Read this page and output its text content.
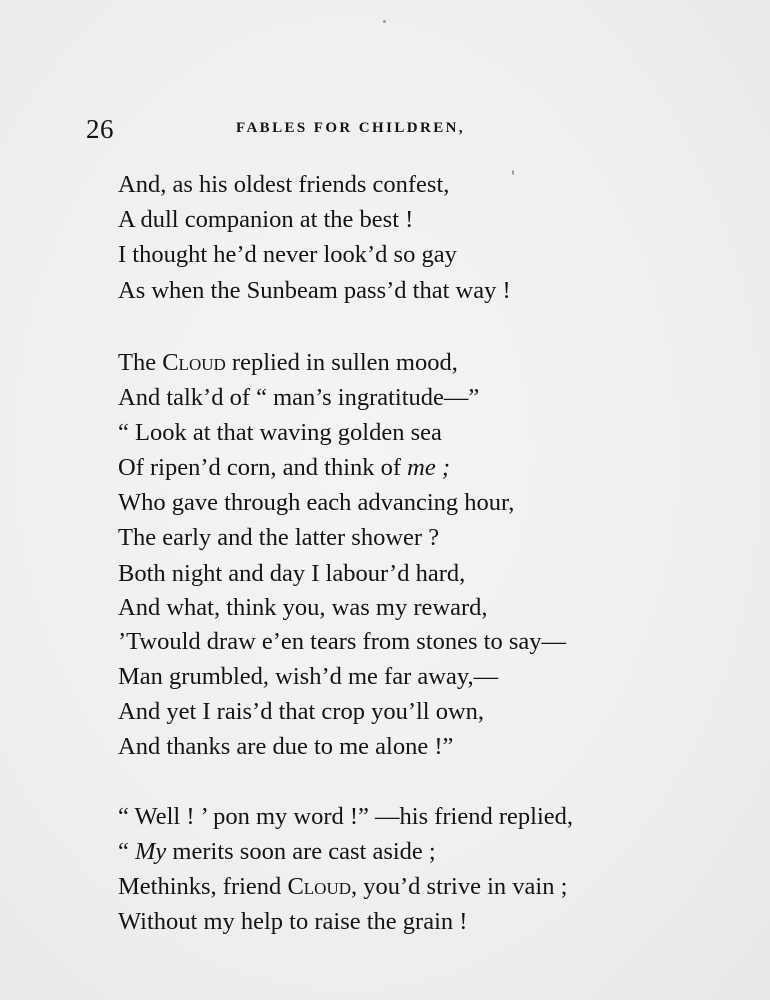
26	FABLES FOR CHILDREN,
And, as his oldest friends confest,
A dull companion at the best !
I thought he’d never look’d so gay
As when the Sunbeam pass’d that way !
The Cloud replied in sullen mood,
And talk’d of “ man’s ingratitude—”
“ Look at that waving golden sea
Of ripen’d corn, and think of me ;
Who gave through each advancing hour,
The early and the latter shower ?
Both night and day I labour’d hard,
And what, think you, was my reward,
’Twould draw e’en tears from stones to say—
Man grumbled, wish’d me far away,—
And yet I rais’d that crop you’ll own,
And thanks are due to me alone !”
“ Well ! ’ pon my word !” —his friend replied,
“ My merits soon are cast aside ;
Methinks, friend Cloud, you’d strive in vain ;
Without my help to raise the grain !
